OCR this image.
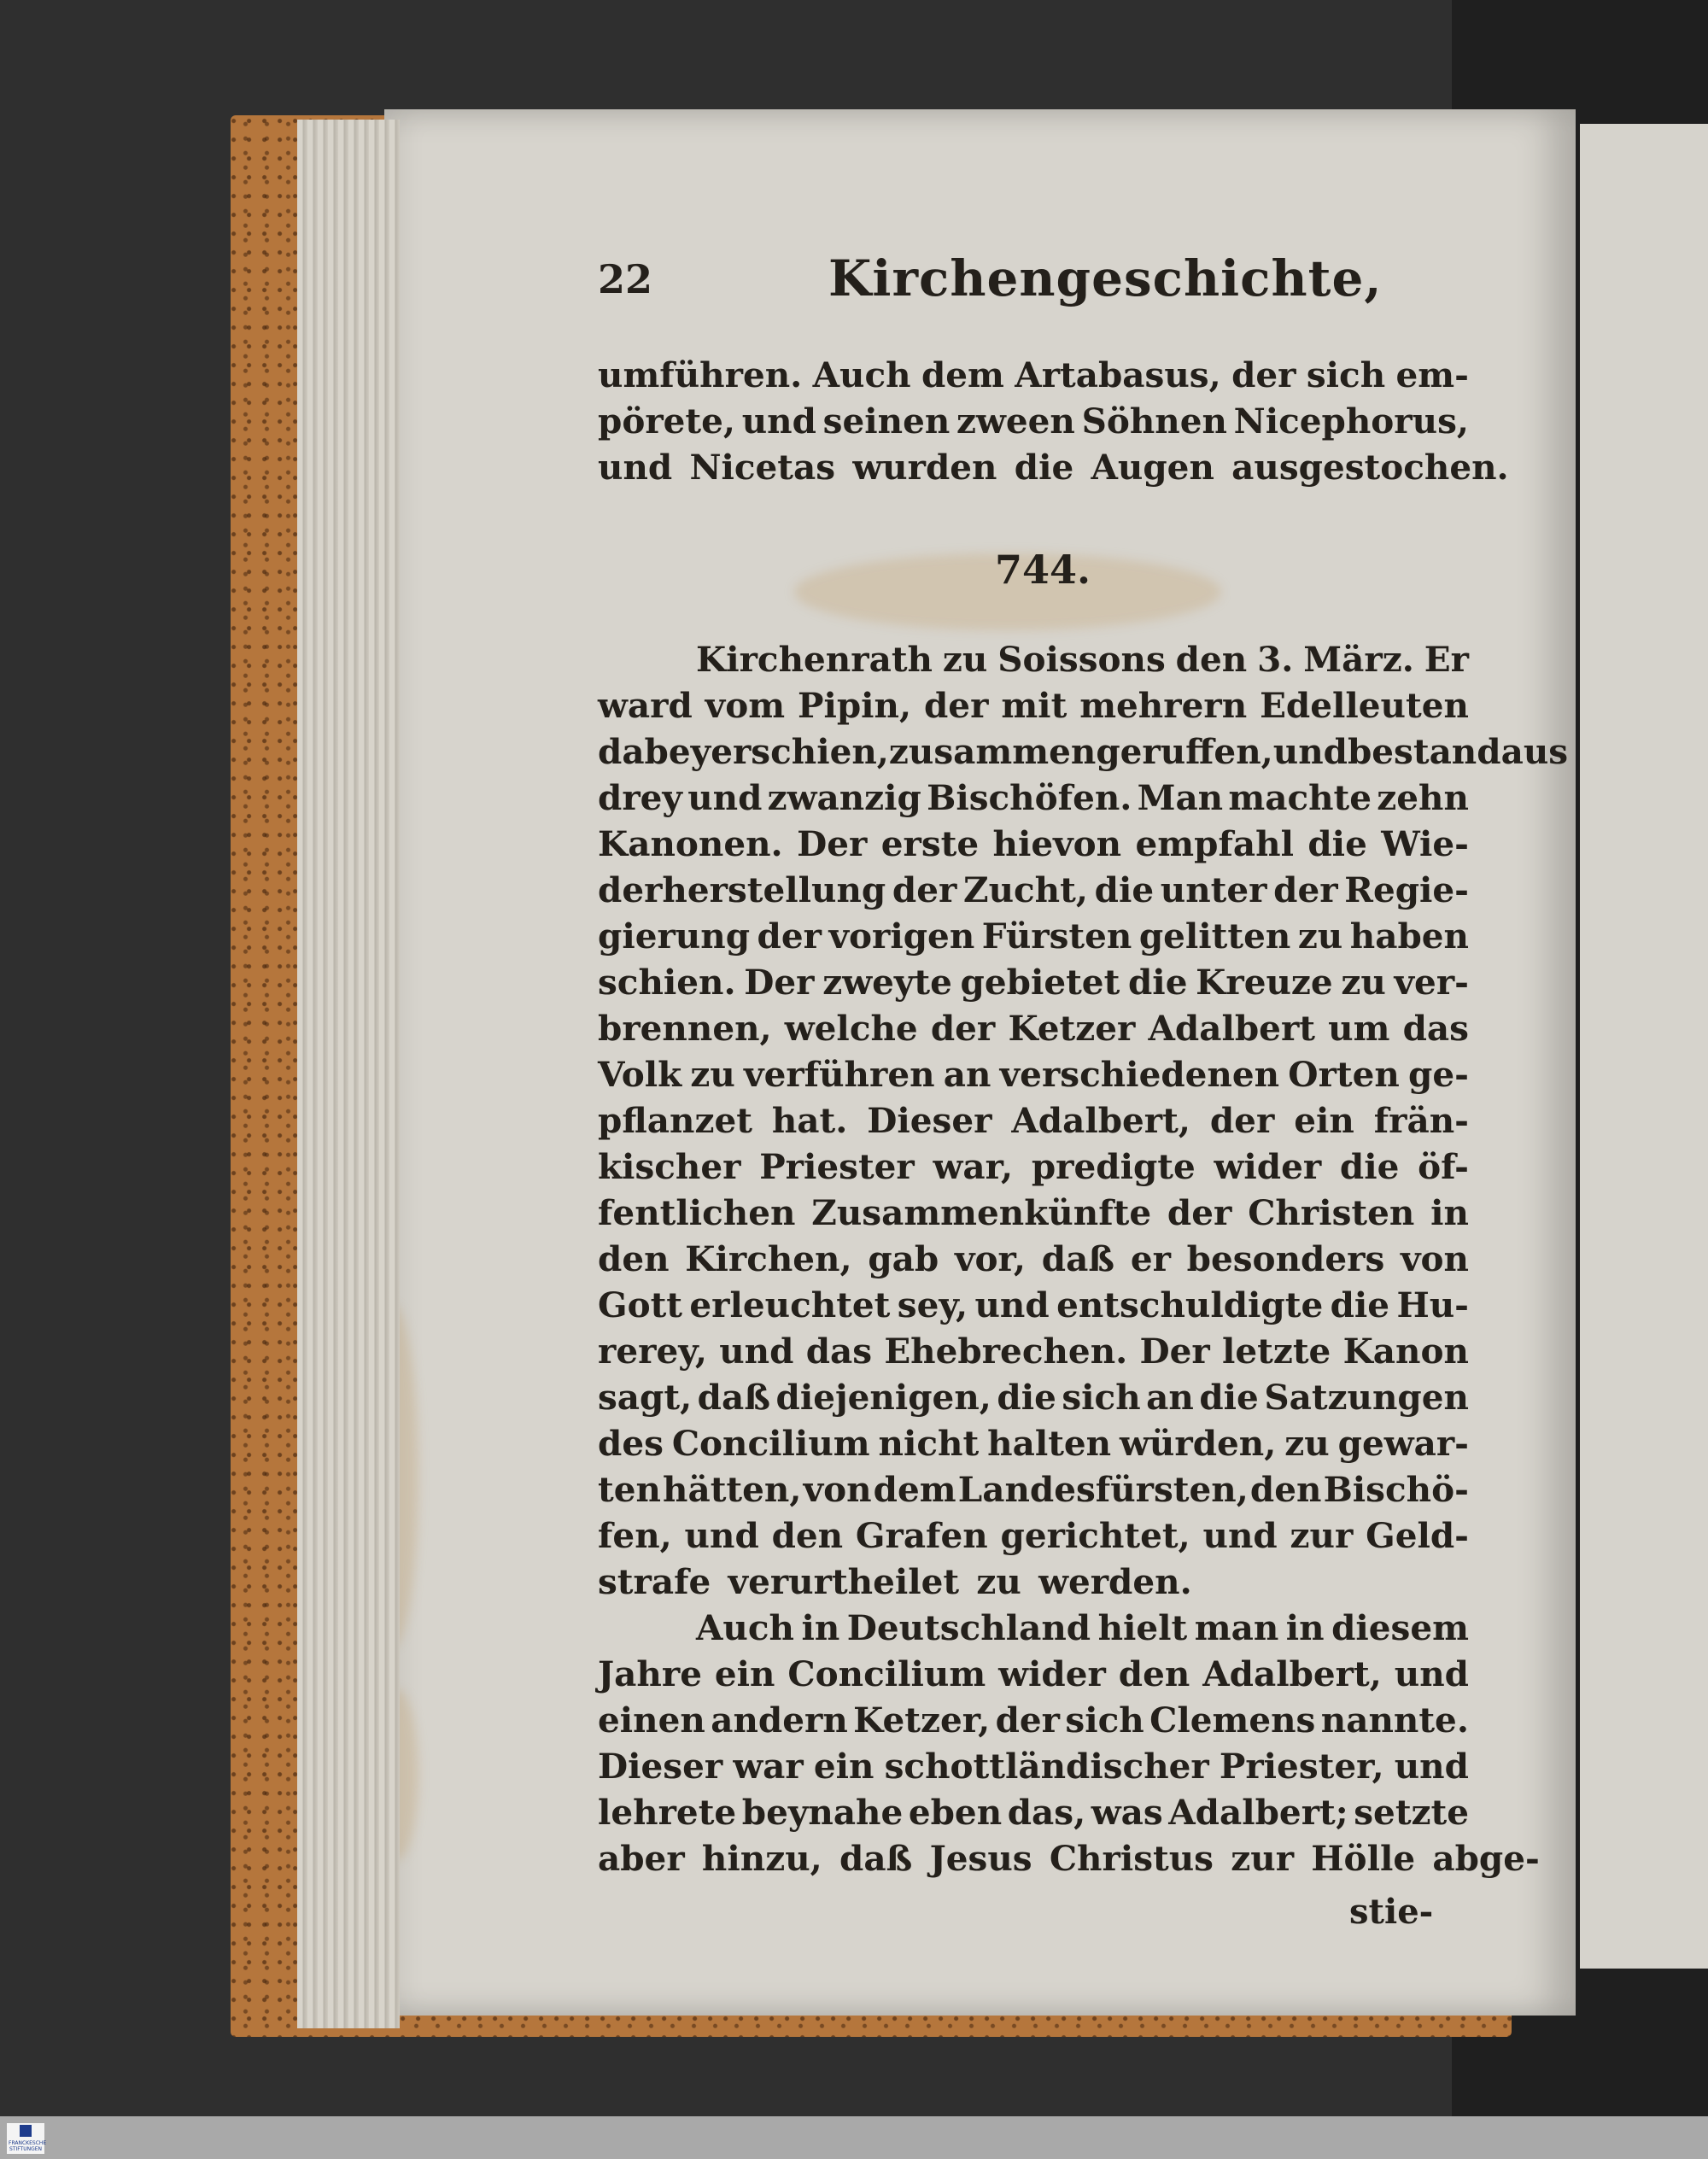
22	Kirchengeschichte,
umführen. Auch dem Artabasus, der sich em-
pörete, und seinen zween Söhnen Nicephorus,
und Nicetas wurden die Augen ausgestochen.
744.
Kirchenrath zu Soissons den 3. März. Er
ward vom Pipin, der mit mehrern Edelleuten
dabey erschien, zusammengeruffen, und bestand aus
drey und zwanzig Bischöfen. Man machte zehn
Kanonen. Der erste hievon empfahl die Wie-
derherstellung der Zucht, die unter der Regie-
gierung der vorigen Fürsten gelitten zu haben
schien. Der zweyte gebietet die Kreuze zu ver-
brennen, welche der Ketzer Adalbert um das
Volk zu verführen an verschiedenen Orten ge-
pflanzet hat. Dieser Adalbert, der ein frän-
kischer Priester war, predigte wider die öf-
fentlichen Zusammenkünfte der Christen in
den Kirchen, gab vor, daß er besonders von
Gott erleuchtet sey, und entschuldigte die Hu-
rerey, und das Ehebrechen. Der letzte Kanon
sagt, daß diejenigen, die sich an die Satzungen
des Concilium nicht halten würden, zu gewar-
ten hätten, von dem Landesfürsten, den Bischö-
fen, und den Grafen gerichtet, und zur Geld-
strafe verurtheilet zu werden.
Auch in Deutschland hielt man in diesem
Jahre ein Concilium wider den Adalbert, und
einen andern Ketzer, der sich Clemens nannte.
Dieser war ein schottländischer Priester, und
lehrete beynahe eben das, was Adalbert; setzte
aber hinzu, daß Jesus Christus zur Hölle abge-
stie-
FRANCKESCHE STIFTUNGEN
